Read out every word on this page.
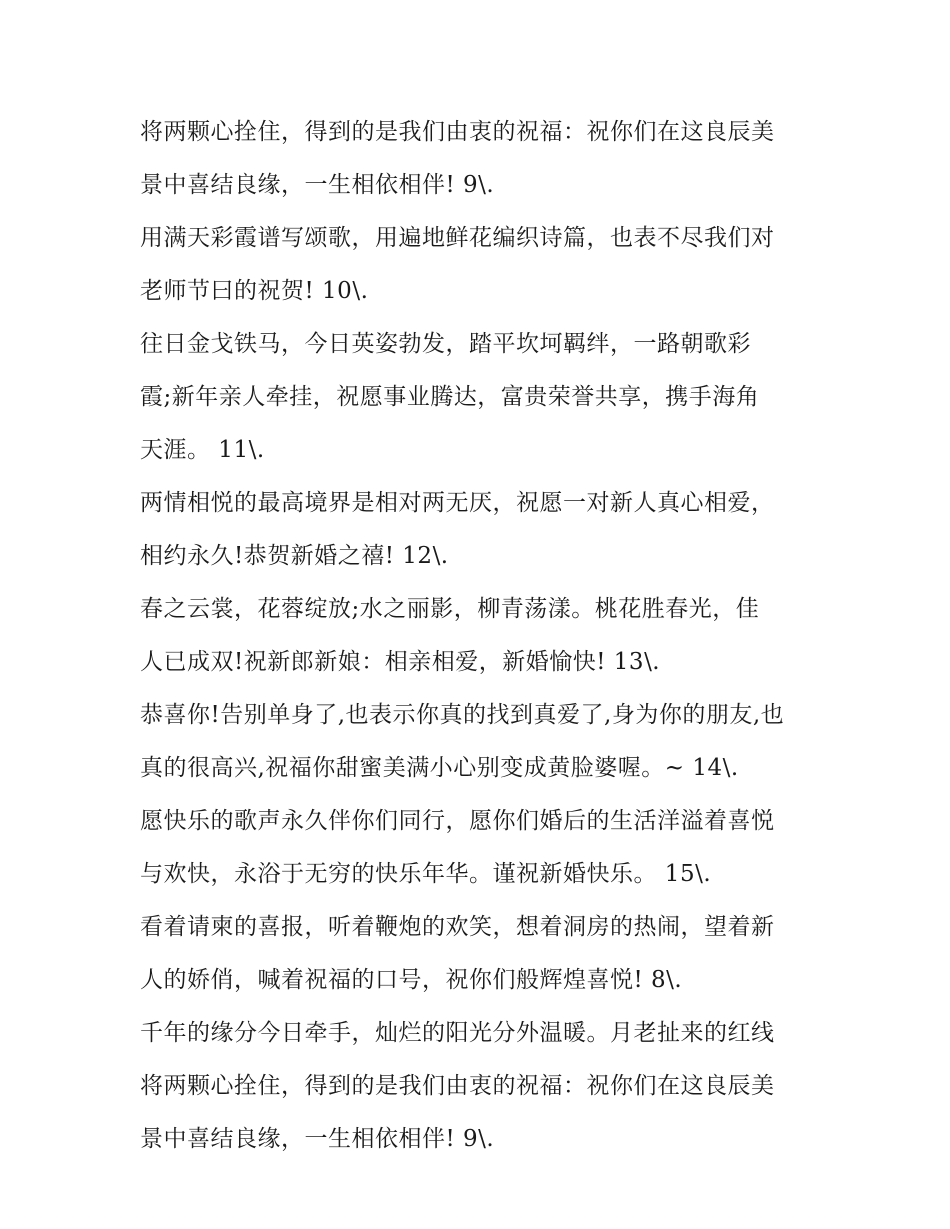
将两颗心拴住，得到的是我们由衷的祝福：祝你们在这良辰美
景中喜结良缘，一生相依相伴! 9\.
用满天彩霞谱写颂歌，用遍地鲜花编织诗篇，也表不尽我们对
老师节曰的祝贺! 10\.
往日金戈铁马，今日英姿勃发，踏平坎坷羁绊，一路朝歌彩
霞;新年亲人牵挂，祝愿事业腾达，富贵荣誉共享，携手海角
天涯。 11\.
两情相悦的最高境界是相对两无厌，祝愿一对新人真心相爱，
相约永久!恭贺新婚之禧! 12\.
春之云裳，花蓉绽放;水之丽影，柳青荡漾。桃花胜春光，佳
人已成双!祝新郎新娘：相亲相爱，新婚愉快! 13\.
恭喜你!告别单身了,也表示你真的找到真爱了,身为你的朋友,也
真的很高兴,祝福你甜蜜美满小心别变成黄脸婆喔。~ 14\.
愿快乐的歌声永久伴你们同行，愿你们婚后的生活洋溢着喜悦
与欢快，永浴于无穷的快乐年华。谨祝新婚快乐。 15\.
看着请柬的喜报，听着鞭炮的欢笑，想着洞房的热闹，望着新
人的娇俏，喊着祝福的口号，祝你们般辉煌喜悦! 8\.
千年的缘分今日牵手，灿烂的阳光分外温暖。月老扯来的红线
将两颗心拴住，得到的是我们由衷的祝福：祝你们在这良辰美
景中喜结良缘，一生相依相伴! 9\.
